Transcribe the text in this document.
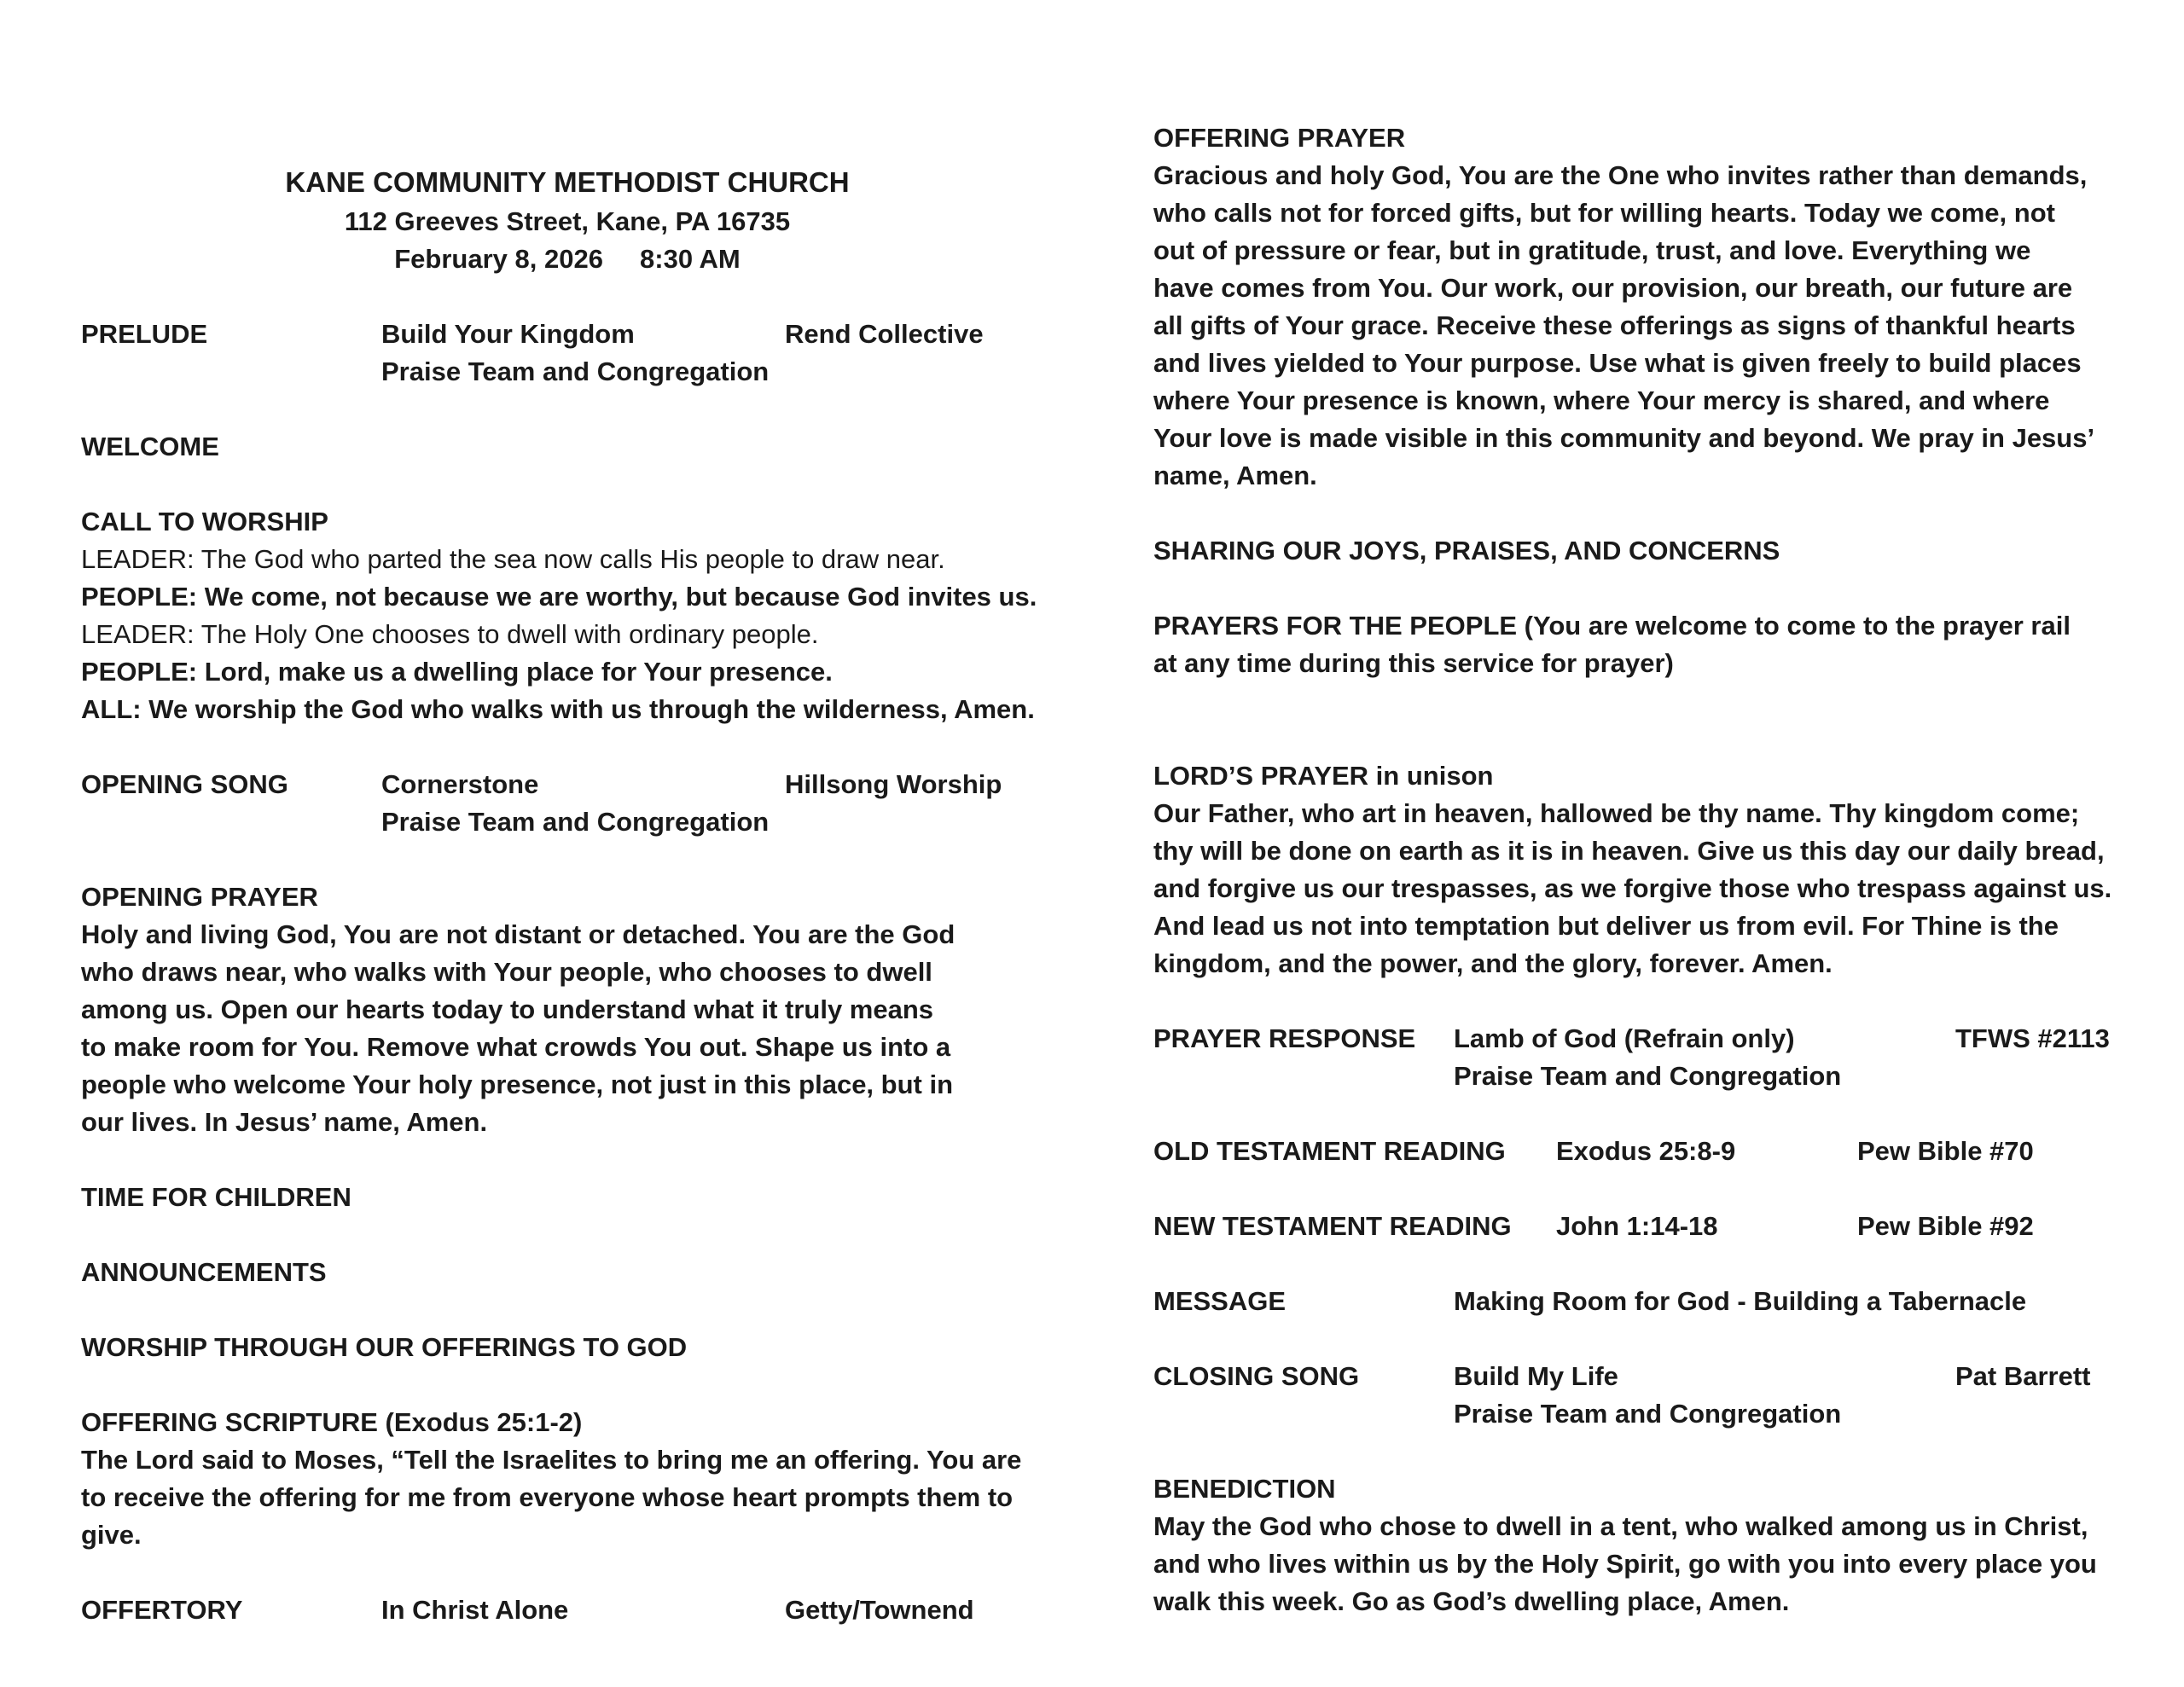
KANE COMMUNITY METHODIST CHURCH
112 Greeves Street, Kane, PA 16735
February 8, 2026     8:30 AM
PRELUDE	Build Your Kingdom	Rend Collective
Praise Team and Congregation
WELCOME
CALL TO WORSHIP
LEADER: The God who parted the sea now calls His people to draw near.
PEOPLE: We come, not because we are worthy, but because God invites us.
LEADER: The Holy One chooses to dwell with ordinary people.
PEOPLE: Lord, make us a dwelling place for Your presence.
ALL: We worship the God who walks with us through the wilderness, Amen.
OPENING SONG	Cornerstone	Hillsong Worship
Praise Team and Congregation
OPENING PRAYER
Holy and living God, You are not distant or detached. You are the God
who draws near, who walks with Your people, who chooses to dwell
among us. Open our hearts today to understand what it truly means
to make room for You. Remove what crowds You out. Shape us into a
people who welcome Your holy presence, not just in this place, but in
our lives. In Jesus’ name, Amen.
TIME FOR CHILDREN
ANNOUNCEMENTS
WORSHIP THROUGH OUR OFFERINGS TO GOD
OFFERING SCRIPTURE (Exodus 25:1-2)
The Lord said to Moses, “Tell the Israelites to bring me an offering. You are
to receive the offering for me from everyone whose heart prompts them to
give.
OFFERTORY	In Christ Alone	Getty/Townend
OFFERING PRAYER
Gracious and holy God, You are the One who invites rather than demands,
who calls not for forced gifts, but for willing hearts. Today we come, not
out of pressure or fear, but in gratitude, trust, and love. Everything we
have comes from You. Our work, our provision, our breath, our future are
all gifts of Your grace. Receive these offerings as signs of thankful hearts
and lives yielded to Your purpose. Use what is given freely to build places
where Your presence is known, where Your mercy is shared, and where
Your love is made visible in this community and beyond. We pray in Jesus’
name, Amen.
SHARING OUR JOYS, PRAISES, AND CONCERNS
PRAYERS FOR THE PEOPLE (You are welcome to come to the prayer rail
at any time during this service for prayer)
LORD’S PRAYER in unison
Our Father, who art in heaven, hallowed be thy name. Thy kingdom come;
thy will be done on earth as it is in heaven. Give us this day our daily bread,
and forgive us our trespasses, as we forgive those who trespass against us.
And lead us not into temptation but deliver us from evil. For Thine is the
kingdom, and the power, and the glory, forever. Amen.
PRAYER RESPONSE Lamb of God (Refrain only)	TFWS #2113
Praise Team and Congregation
OLD TESTAMENT READING Exodus 25:8-9	Pew Bible #70
NEW TESTAMENT READING John 1:14-18	Pew Bible #92
MESSAGE	Making Room for God - Building a Tabernacle
CLOSING SONG	Build My Life	Pat Barrett
Praise Team and Congregation
BENEDICTION
May the God who chose to dwell in a tent, who walked among us in Christ,
and who lives within us by the Holy Spirit, go with you into every place you
walk this week. Go as God’s dwelling place, Amen.
